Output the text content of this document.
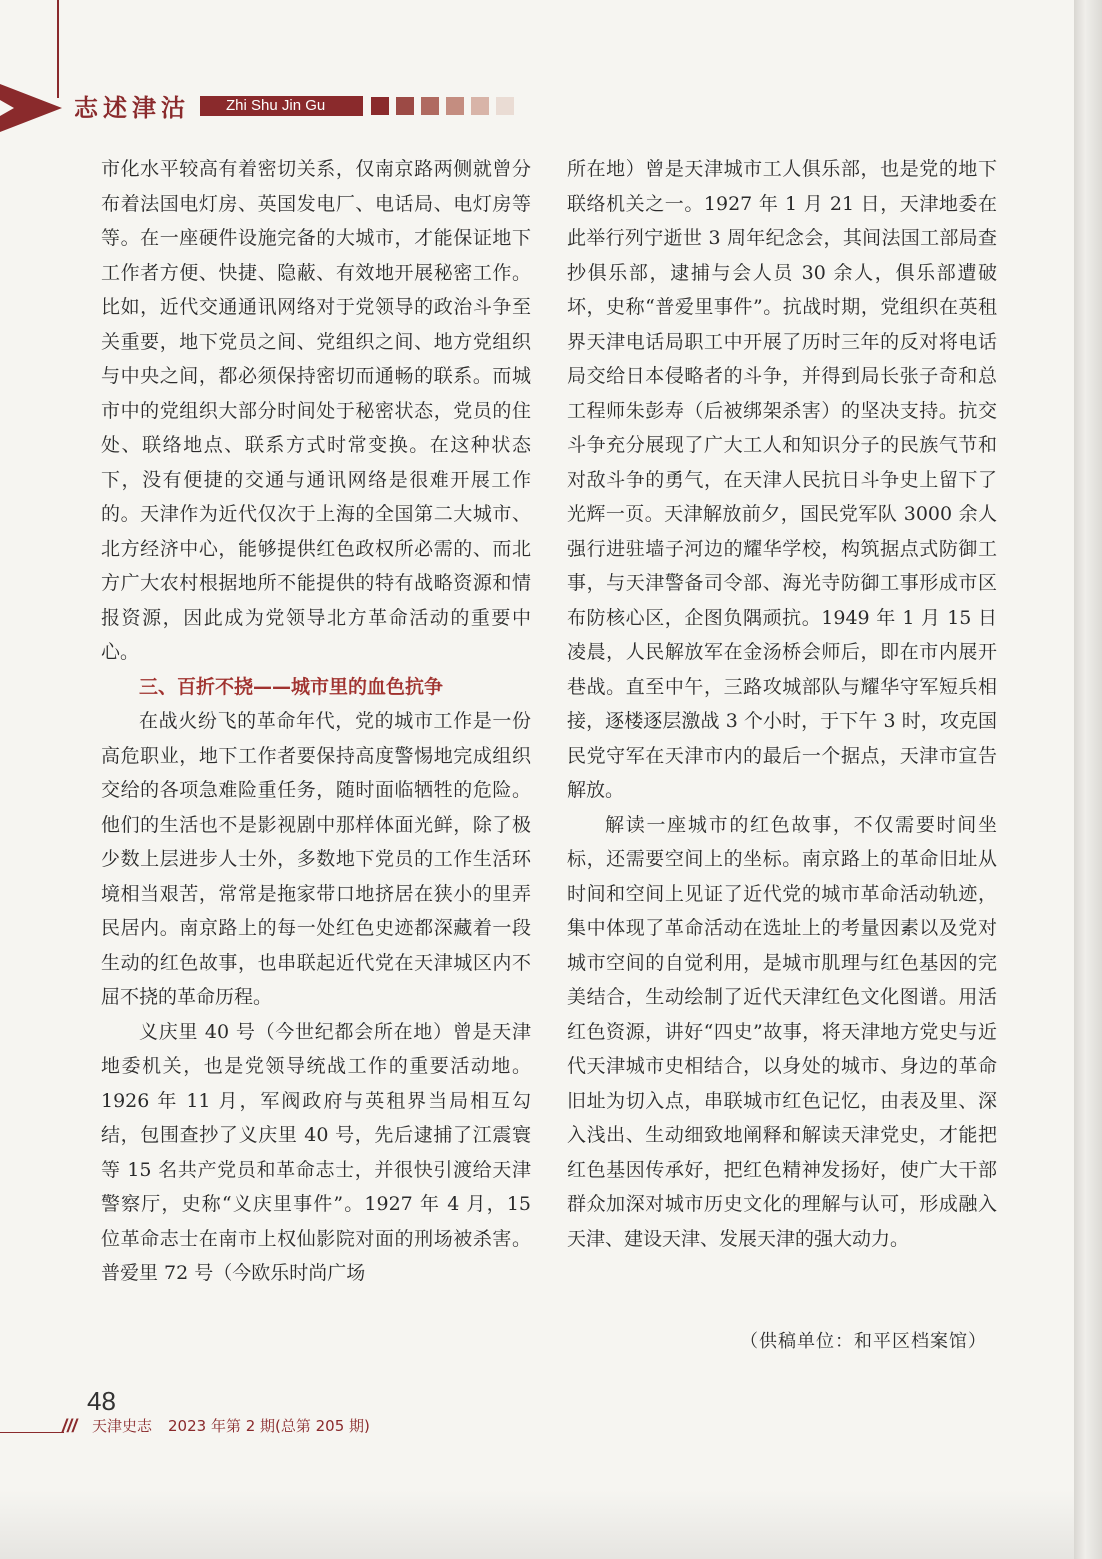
志述津沽	Zhi Shu Jin Gu

市化水平较高有着密切关系，仅南京路两侧就曾分布着法国电灯房、英国发电厂、电话局、电灯房等等。在一座硬件设施完备的大城市，才能保证地下工作者方便、快捷、隐蔽、有效地开展秘密工作。比如，近代交通通讯网络对于党领导的政治斗争至关重要，地下党员之间、党组织之间、地方党组织与中央之间，都必须保持密切而通畅的联系。而城市中的党组织大部分时间处于秘密状态，党员的住处、联络地点、联系方式时常变换。在这种状态下，没有便捷的交通与通讯网络是很难开展工作的。天津作为近代仅次于上海的全国第二大城市、北方经济中心，能够提供红色政权所必需的、而北方广大农村根据地所不能提供的特有战略资源和情报资源，因此成为党领导北方革命活动的重要中心。

三、百折不挠——城市里的血色抗争

在战火纷飞的革命年代，党的城市工作是一份高危职业，地下工作者要保持高度警惕地完成组织交给的各项急难险重任务，随时面临牺牲的危险。他们的生活也不是影视剧中那样体面光鲜，除了极少数上层进步人士外，多数地下党员的工作生活环境相当艰苦，常常是拖家带口地挤居在狭小的里弄民居内。南京路上的每一处红色史迹都深藏着一段生动的红色故事，也串联起近代党在天津城区内不屈不挠的革命历程。

义庆里 40 号（今世纪都会所在地）曾是天津地委机关，也是党领导统战工作的重要活动地。1926 年 11 月，军阀政府与英租界当局相互勾结，包围查抄了义庆里 40 号，先后逮捕了江震寰等 15 名共产党员和革命志士，并很快引渡给天津警察厅，史称“义庆里事件”。1927 年 4 月，15 位革命志士在南市上权仙影院对面的刑场被杀害。普爱里 72 号（今欧乐时尚广场

所在地）曾是天津城市工人俱乐部，也是党的地下联络机关之一。1927 年 1 月 21 日，天津地委在此举行列宁逝世 3 周年纪念会，其间法国工部局查抄俱乐部，逮捕与会人员 30 余人，俱乐部遭破坏，史称“普爱里事件”。抗战时期，党组织在英租界天津电话局职工中开展了历时三年的反对将电话局交给日本侵略者的斗争，并得到局长张子奇和总工程师朱彭寿（后被绑架杀害）的坚决支持。抗交斗争充分展现了广大工人和知识分子的民族气节和对敌斗争的勇气，在天津人民抗日斗争史上留下了光辉一页。天津解放前夕，国民党军队 3000 余人强行进驻墙子河边的耀华学校，构筑据点式防御工事，与天津警备司令部、海光寺防御工事形成市区布防核心区，企图负隅顽抗。1949 年 1 月 15 日凌晨，人民解放军在金汤桥会师后，即在市内展开巷战。直至中午，三路攻城部队与耀华守军短兵相接，逐楼逐层激战 3 个小时，于下午 3 时，攻克国民党守军在天津市内的最后一个据点，天津市宣告解放。

解读一座城市的红色故事，不仅需要时间坐标，还需要空间上的坐标。南京路上的革命旧址从时间和空间上见证了近代党的城市革命活动轨迹，集中体现了革命活动在选址上的考量因素以及党对城市空间的自觉利用，是城市肌理与红色基因的完美结合，生动绘制了近代天津红色文化图谱。用活红色资源，讲好“四史”故事，将天津地方党史与近代天津城市史相结合，以身处的城市、身边的革命旧址为切入点，串联城市红色记忆，由表及里、深入浅出、生动细致地阐释和解读天津党史，才能把红色基因传承好，把红色精神发扬好，使广大干部群众加深对城市历史文化的理解与认可，形成融入天津、建设天津、发展天津的强大动力。

（供稿单位：和平区档案馆）
48
/// 天津史志 2023 年第 2 期(总第 205 期)
